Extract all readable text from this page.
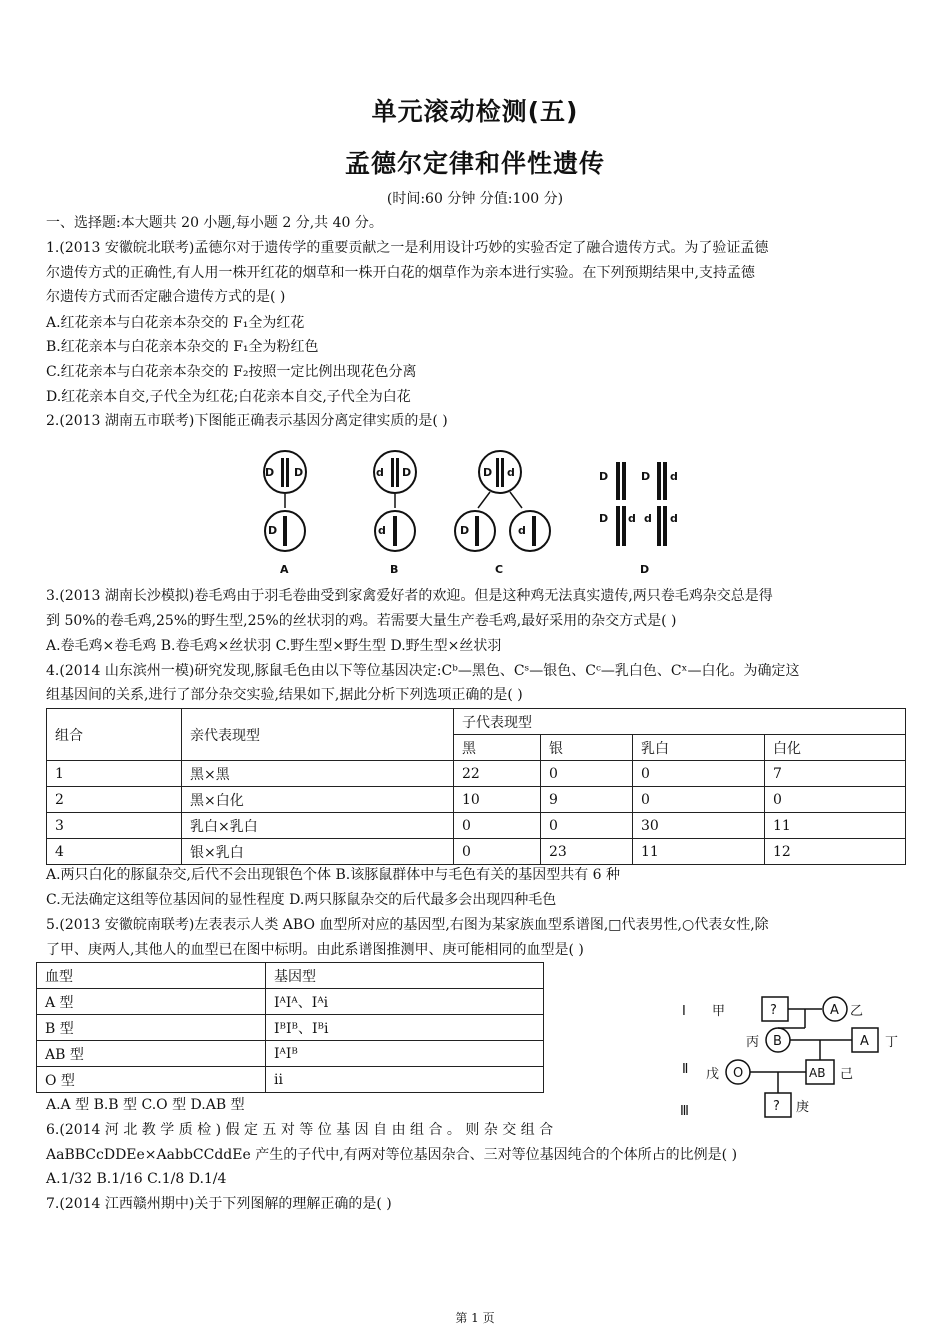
单元滚动检测(五)
孟德尔定律和伴性遗传
(时间:60 分钟 分值:100 分)
一、选择题:本大题共 20 小题,每小题 2 分,共 40 分。
1.(2013 安徽皖北联考)孟德尔对于遗传学的重要贡献之一是利用设计巧妙的实验否定了融合遗传方式。为了验证孟德
尔遗传方式的正确性,有人用一株开红花的烟草和一株开白花的烟草作为亲本进行实验。在下列预期结果中,支持孟德
尔遗传方式而否定融合遗传方式的是( )
A.红花亲本与白花亲本杂交的 F₁全为红花
B.红花亲本与白花亲本杂交的 F₁全为粉红色
C.红花亲本与白花亲本杂交的 F₂按照一定比例出现花色分离
D.红花亲本自交,子代全为红花;白花亲本自交,子代全为白花
2.(2013 湖南五市联考)下图能正确表示基因分离定律实质的是( )
D D
D
A
d D
d
B
D d
D	d
C
D	D d
D d d d
D
3.(2013 湖南长沙模拟)卷毛鸡由于羽毛卷曲受到家禽爱好者的欢迎。但是这种鸡无法真实遗传,两只卷毛鸡杂交总是得
到 50%的卷毛鸡,25%的野生型,25%的丝状羽的鸡。若需要大量生产卷毛鸡,最好采用的杂交方式是( )
A.卷毛鸡×卷毛鸡 B.卷毛鸡×丝状羽 C.野生型×野生型 D.野生型×丝状羽
4.(2014 山东滨州一模)研究发现,豚鼠毛色由以下等位基因决定:Cᵇ—黑色、Cˢ—银色、Cᶜ—乳白色、Cˣ—白化。为确定这
组基因间的关系,进行了部分杂交实验,结果如下,据此分析下列选项正确的是( )
组合	亲代表现型	子代表现型			
		黑	银	乳白	白化
1	黑×黑	22	0	0	7
2	黑×白化	10	9	0	0
3	乳白×乳白	0	0	30	11
4	银×乳白	0	23	11	12
A.两只白化的豚鼠杂交,后代不会出现银色个体 B.该豚鼠群体中与毛色有关的基因型共有 6 种
C.无法确定这组等位基因间的显性程度 D.两只豚鼠杂交的后代最多会出现四种毛色
5.(2013 安徽皖南联考)左表表示人类 ABO 血型所对应的基因型,右图为某家族血型系谱图,□代表男性,○代表女性,除
了甲、庚两人,其他人的血型已在图中标明。由此系谱图推测甲、庚可能相同的血型是( )
血型	基因型
A 型	IᴬIᴬ、Iᴬi
B 型	IᴮIᴮ、Iᴮi
AB 型	IᴬIᴮ
O 型	ii
Ⅰ
Ⅱ
Ⅲ
甲	?	A 乙
B
丙	A 丁
戊 O	AB 己
? 庚
A.A 型 B.B 型 C.O 型 D.AB 型
6.(2014 河 北 教 学 质 检 ) 假 定 五 对 等 位 基 因 自 由 组 合 。 则 杂 交 组 合
AaBBCcDDEe×AabbCCddEe 产生的子代中,有两对等位基因杂合、三对等位基因纯合的个体所占的比例是( )
A.1/32 B.1/16 C.1/8 D.1/4
7.(2014 江西赣州期中)关于下列图解的理解正确的是( )
第 1 页
